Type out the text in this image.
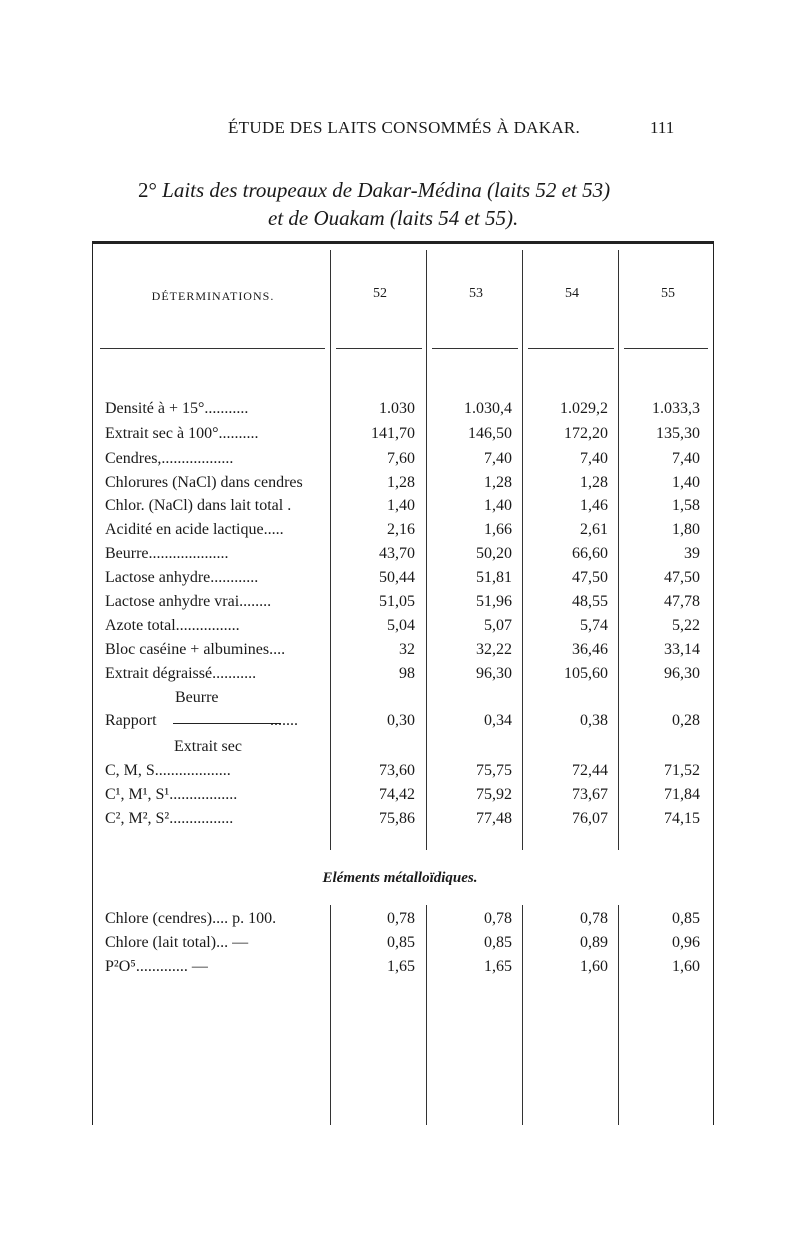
ÉTUDE DES LAITS CONSOMMÉS À DAKAR.	111
2° Laits des troupeaux de Dakar-Médina (laits 52 et 53)
et de Ouakam (laits 54 et 55).
DÉTERMINATIONS.	52	53	54	55
Densité à + 15°...........	1.030	1.030,4	1.029,2	1.033,3
Extrait sec à 100°..........	141,70	146,50	172,20	135,30
Cendres,..................	7,60	7,40	7,40	7,40
Chlorures (NaCl) dans cendres	1,28	1,28	1,28	1,40
Chlor. (NaCl) dans lait total .	1,40	1,40	1,46	1,58
Acidité en acide lactique.....	2,16	1,66	2,61	1,80
Beurre....................	43,70	50,20	66,60	39
Lactose anhydre............	50,44	51,81	47,50	47,50
Lactose anhydre vrai........	51,05	51,96	48,55	47,78
Azote total................	5,04	5,07	5,74	5,22
Bloc caséine + albumines....	32	32,22	36,46	33,14
Extrait dégraissé...........	98	96,30	105,60	96,30
Beurre
Rapport	.......	0,30	0,34	0,38	0,28
Extrait sec
C, M, S...................	73,60	75,75	72,44	71,52
C¹, M¹, S¹.................	74,42	75,92	73,67	71,84
C², M², S²................	75,86	77,48	76,07	74,15
Eléments métalloïdiques.
Chlore (cendres).... p. 100.	0,78	0,78	0,78	0,85
Chlore (lait total)... —	0,85	0,85	0,89	0,96
P²O⁵............. —	1,65	1,65	1,60	1,60
